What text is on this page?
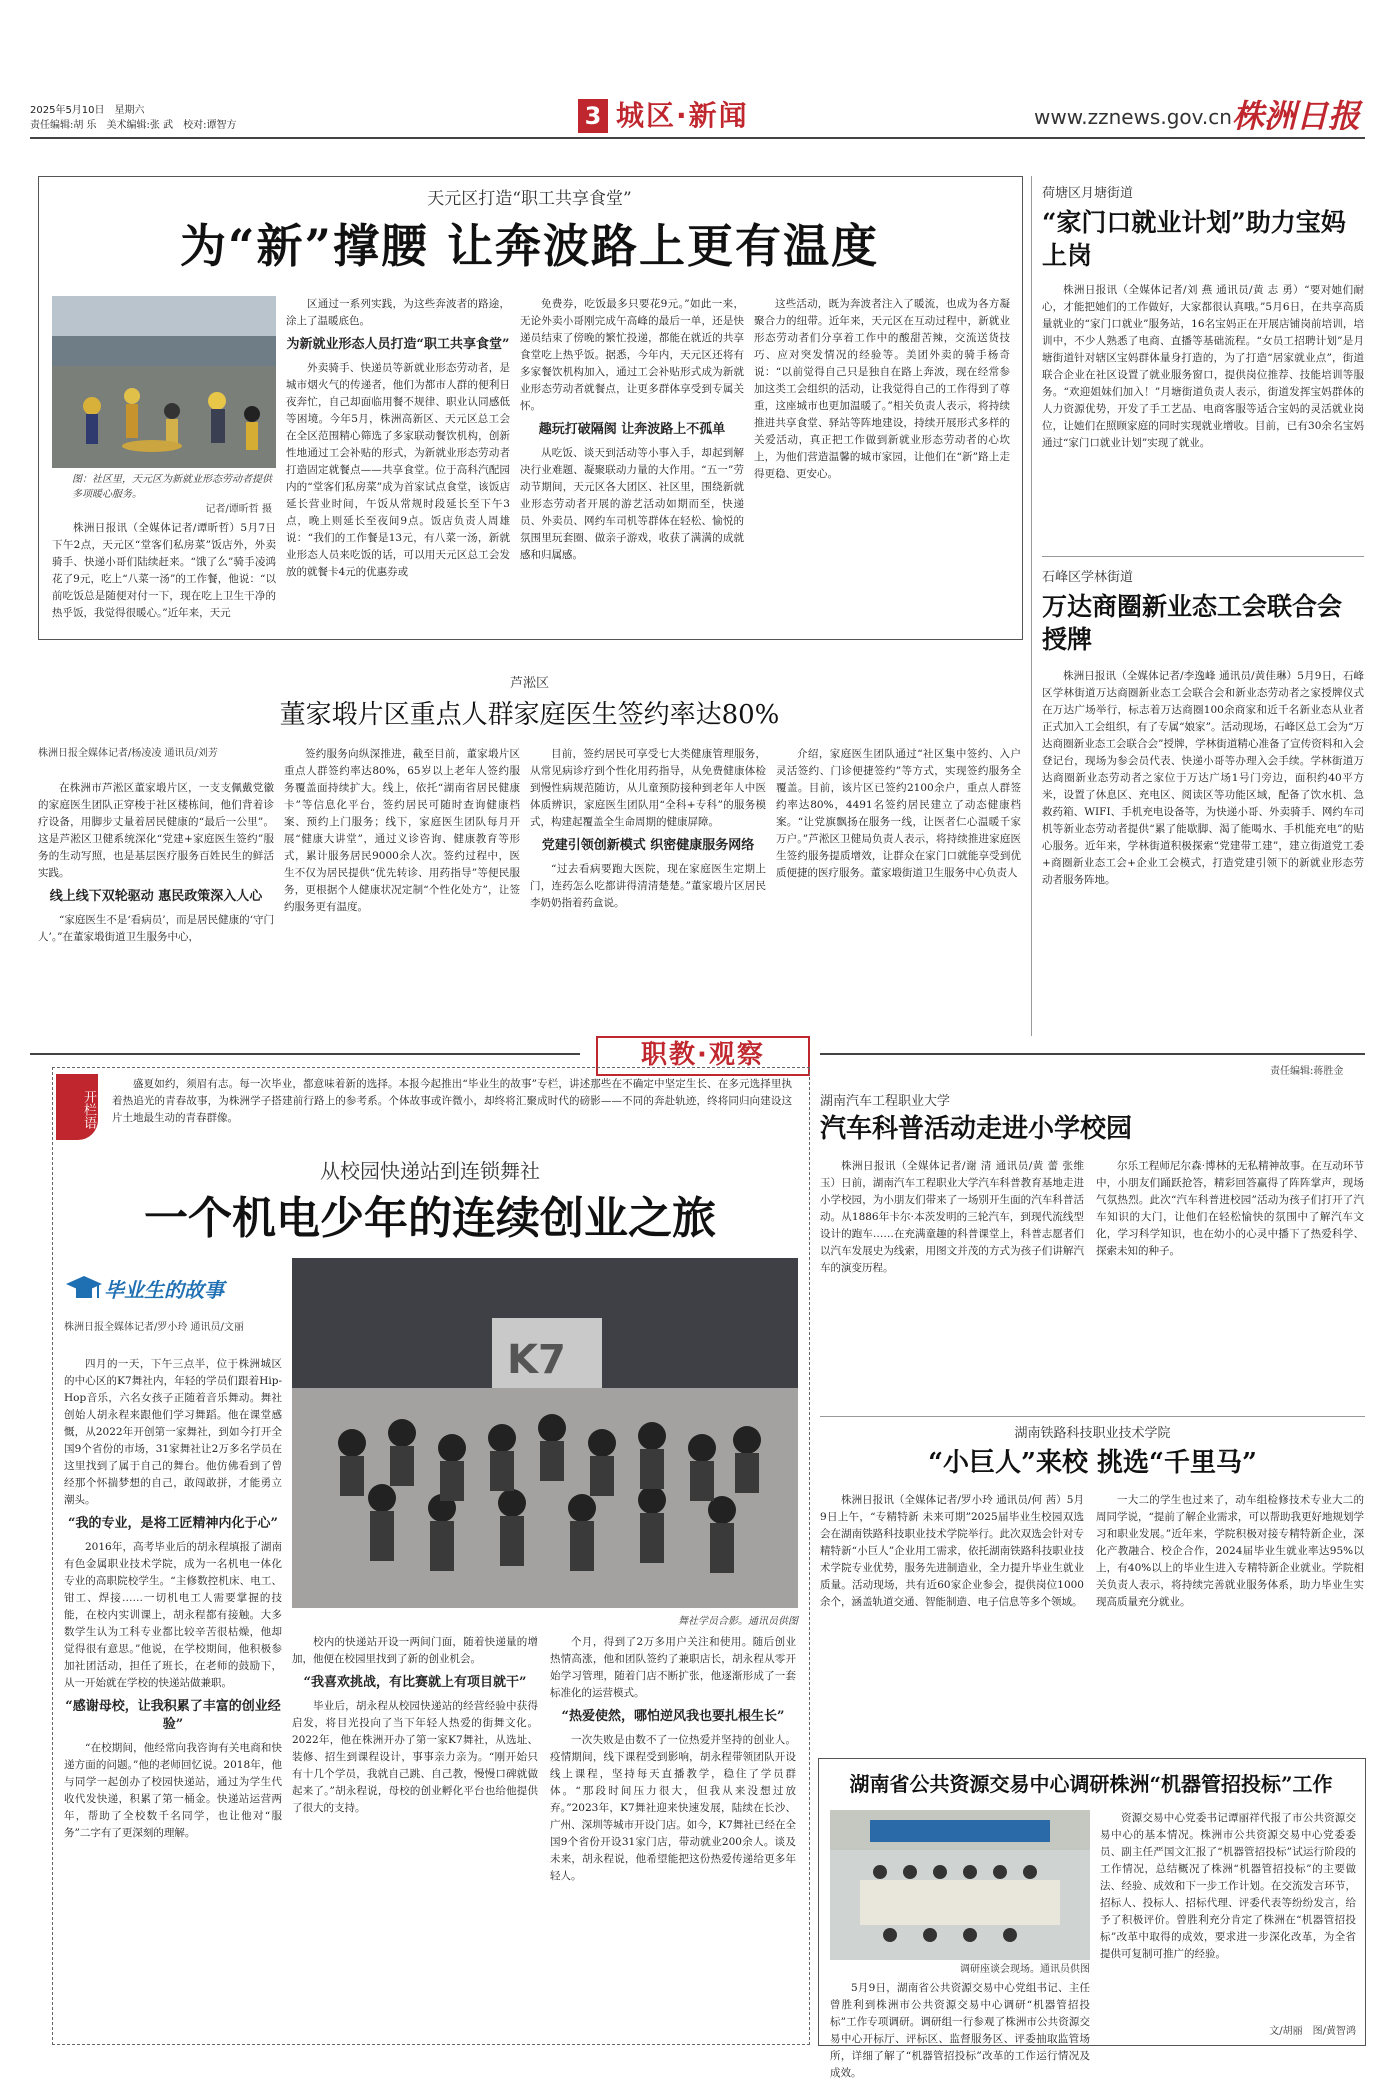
2025年5月10日　星期六
责任编辑:胡 乐　美术编辑:张 武　校对:谭智方	3 城区·新闻	www.zznews.gov.cn 株洲日报
天元区打造“职工共享食堂”
为“新”撑腰 让奔波路上更有温度
图：社区里，天元区为新就业形态劳动者提供多项暖心服务。
记者/谭昕哲 摄

株洲日报讯（全媒体记者/谭昕哲）5月7日下午2点，天元区“堂客们私房菜”饭店外，外卖骑手、快递小哥们陆续赶来。“饿了么”骑手凌鸿花了9元，吃上“八菜一汤”的工作餐，他说：“以前吃饭总是随便对付一下，现在吃上卫生干净的热乎饭，我觉得很暖心。”近年来，天元

区通过一系列实践，为这些奔波者的路途，涂上了温暖底色。

为新就业形态人员打造“职工共享食堂”

外卖骑手、快递员等新就业形态劳动者，是城市烟火气的传递者，他们为都市人群的便利日夜奔忙，自己却面临用餐不规律、职业认同感低等困境。今年5月，株洲高新区、天元区总工会在全区范围精心筛选了多家联动餐饮机构，创新性地通过工会补贴的形式，为新就业形态劳动者打造固定就餐点——共享食堂。位于高科汽配园内的“堂客们私房菜”成为首家试点食堂，该饭店延长营业时间，午饭从常规时段延长至下午3点，晚上则延长至夜间9点。饭店负责人周雄说：“我们的工作餐是13元，有八菜一汤，新就业形态人员来吃饭的话，可以用天元区总工会发放的就餐卡4元的优惠券或

免费券，吃饭最多只要花9元。”如此一来，无论外卖小哥刚完成午高峰的最后一单，还是快递员结束了傍晚的繁忙投递，都能在就近的共享食堂吃上热乎饭。据悉，今年内，天元区还将有多家餐饮机构加入，通过工会补贴形式成为新就业形态劳动者就餐点，让更多群体享受到专属关怀。

趣玩打破隔阂 让奔波路上不孤单

从吃饭、谈天到活动等小事入手，却起到解决行业难题、凝聚联动力量的大作用。“五一”劳动节期间，天元区各大团区、社区里，围绕新就业形态劳动者开展的游艺活动如期而至，快递员、外卖员、网约车司机等群体在轻松、愉悦的氛围里玩套圈、做亲子游戏，收获了满满的成就感和归属感。

这些活动，既为奔波者注入了暖流，也成为各方凝聚合力的纽带。近年来，天元区在互动过程中，新就业形态劳动者们分享着工作中的酸甜苦辣，交流送货技巧、应对突发情况的经验等。美团外卖的骑手杨奇说：“以前觉得自己只是独自在路上奔波，现在经常参加这类工会组织的活动，让我觉得自己的工作得到了尊重，这座城市也更加温暖了。”相关负责人表示，将持续推进共享食堂、驿站等阵地建设，持续开展形式多样的关爱活动，真正把工作做到新就业形态劳动者的心坎上，为他们营造温馨的城市家园，让他们在“新”路上走得更稳、更安心。

荷塘区月塘街道
“家门口就业计划”助力宝妈上岗

株洲日报讯（全媒体记者/刘 燕 通讯员/黄 志 勇）“要对她们耐心，才能把她们的工作做好，大家都很认真哦。”5月6日，在共享高质量就业的“家门口就业”服务站，16名宝妈正在开展店铺岗前培训，培训中，不少人熟悉了电商、直播等基础流程。“女员工招聘计划”是月塘街道针对辖区宝妈群体量身打造的，为了打造“居家就业点”，街道联合企业在社区设置了就业服务窗口，提供岗位推荐、技能培训等服务。“欢迎姐妹们加入！”月塘街道负责人表示，街道发挥宝妈群体的人力资源优势，开发了手工艺品、电商客服等适合宝妈的灵活就业岗位，让她们在照顾家庭的同时实现就业增收。目前，已有30余名宝妈通过“家门口就业计划”实现了就业。

石峰区学林街道
万达商圈新业态工会联合会授牌

株洲日报讯（全媒体记者/李逸峰 通讯员/黄佳琳）5月9日，石峰区学林街道万达商圈新业态工会联合会和新业态劳动者之家授牌仪式在万达广场举行，标志着万达商圈100余商家和近千名新业态从业者正式加入工会组织，有了专属“娘家”。活动现场，石峰区总工会为“万达商圈新业态工会联合会”授牌，学林街道精心准备了宣传资料和入会登记台，现场为参会员代表、快递小哥等办理入会手续。学林街道万达商圈新业态劳动者之家位于万达广场1号门旁边，面积约40平方米，设置了休息区、充电区、阅读区等功能区域，配备了饮水机、急救药箱、WIFI、手机充电设备等，为快递小哥、外卖骑手、网约车司机等新业态劳动者提供“累了能歇脚、渴了能喝水、手机能充电”的贴心服务。近年来，学林街道积极探索“党建带工建”，建立街道党工委+商圈新业态工会+企业工会模式，打造党建引领下的新就业形态劳动者服务阵地。

芦淞区
董家塅片区重点人群家庭医生签约率达80%
株洲日报全媒体记者/杨凌凌 通讯员/刘芳

在株洲市芦淞区董家塅片区，一支支佩戴党徽的家庭医生团队正穿梭于社区楼栋间，他们背着诊疗设备，用脚步丈量着居民健康的“最后一公里”。这是芦淞区卫健系统深化“党建+家庭医生签约”服务的生动写照，也是基层医疗服务百姓民生的鲜活实践。

线上线下双轮驱动 惠民政策深入人心

“家庭医生不是‘看病员’，而是居民健康的‘守门人’。”在董家塅街道卫生服务中心，

签约服务向纵深推进，截至目前，董家塅片区重点人群签约率达80%，65岁以上老年人签约服务覆盖面持续扩大。线上，依托“湖南省居民健康卡”等信息化平台，签约居民可随时查询健康档案、预约上门服务；线下，家庭医生团队每月开展“健康大讲堂”，通过义诊咨询、健康教育等形式，累计服务居民9000余人次。签约过程中，医生不仅为居民提供“优先转诊、用药指导”等便民服务，更根据个人健康状况定制“个性化处方”，让签约服务更有温度。

目前，签约居民可享受七大类健康管理服务，从常见病诊疗到个性化用药指导，从免费健康体检到慢性病规范随访，从儿童预防接种到老年人中医体质辨识，家庭医生团队用“全科+专科”的服务模式，构建起覆盖全生命周期的健康屏障。

党建引领创新模式 织密健康服务网络

“过去看病要跑大医院，现在家庭医生定期上门，连药怎么吃都讲得清清楚楚。”董家塅片区居民李奶奶指着药盒说。

介绍，家庭医生团队通过“社区集中签约、入户灵活签约、门诊便捷签约”等方式，实现签约服务全覆盖。目前，该片区已签约2100余户，重点人群签约率达80%，4491名签约居民建立了动态健康档案。“让党旗飘扬在服务一线，让医者仁心温暖千家万户。”芦淞区卫健局负责人表示，将持续推进家庭医生签约服务提质增效，让群众在家门口就能享受到优质便捷的医疗服务。董家塅街道卫生服务中心负责人

职教·观察
责任编辑:蒋胜金
开栏语

盛夏如约，须眉有志。每一次毕业，都意味着新的选择。本报今起推出“毕业生的故事”专栏，讲述那些在不确定中坚定生长、在多元选择里执着热追光的青春故事，为株洲学子搭建前行路上的参考系。个体故事或许微小，却终将汇聚成时代的磅影——不同的奔赴轨迹，终将同归向建设这片土地最生动的青春群像。

从校园快递站到连锁舞社
一个机电少年的连续创业之旅
毕业生的故事
K7
舞社学员合影。通讯员供图
株洲日报全媒体记者/罗小玲 通讯员/文丽

四月的一天，下午三点半，位于株洲城区的中心区的K7舞社内，年轻的学员们跟着Hip-Hop音乐，六名女孩子正随着音乐舞动。舞社创始人胡永程来跟他们学习舞蹈。他在课堂感慨，从2022年开创第一家舞社，到如今打开全国9个省份的市场，31家舞社让2万多名学员在这里找到了属于自己的舞台。他仿佛看到了曾经那个怀揣梦想的自己，敢闯敢拼，才能勇立潮头。

“我的专业，是将工匠精神内化于心”

2016年，高考毕业后的胡永程填报了湖南有色金属职业技术学院，成为一名机电一体化专业的高职院校学生。“主修数控机床、电工、钳工、焊接……一切机电工人需要掌握的技能，在校内实训课上，胡永程都有接触。大多数学生认为工科专业都比较辛苦很枯燥，他却觉得很有意思。”他说，在学校期间，他积极参加社团活动，担任了班长，在老师的鼓励下，从一开始就在学校的快递站做兼职。

“感谢母校，让我积累了丰富的创业经验”

“在校期间，他经常向我咨询有关电商和快递方面的问题。”他的老师回忆说。2018年，他与同学一起创办了校园快递站，通过为学生代收代发快递，积累了第一桶金。快递站运营两年，帮助了全校数千名同学，也让他对“服务”二字有了更深刻的理解。

校内的快递站开设一两间门面，随着快递量的增加，他便在校园里找到了新的创业机会。

“我喜欢挑战，有比赛就上有项目就干”

毕业后，胡永程从校园快递站的经营经验中获得启发，将目光投向了当下年轻人热爱的街舞文化。2022年，他在株洲开办了第一家K7舞社，从选址、装修、招生到课程设计，事事亲力亲为。“刚开始只有十几个学员，我就自己跳、自己教，慢慢口碑就做起来了。”胡永程说，母校的创业孵化平台也给他提供了很大的支持。

个月，得到了2万多用户关注和使用。随后创业热情高涨，他和团队签约了兼职店长，胡永程从零开始学习管理，随着门店不断扩张，他逐渐形成了一套标准化的运营模式。

“热爱使然，哪怕逆风我也要扎根生长”

一次失败是由数不了一位热爱并坚持的创业人。疫情期间，线下课程受到影响，胡永程带领团队开设线上课程，坚持每天直播教学，稳住了学员群体。“那段时间压力很大，但我从来没想过放弃。”2023年，K7舞社迎来快速发展，陆续在长沙、广州、深圳等城市开设门店。如今，K7舞社已经在全国9个省份开设31家门店，带动就业200余人。谈及未来，胡永程说，他希望能把这份热爱传递给更多年轻人。

湖南汽车工程职业大学
汽车科普活动走进小学校园

株洲日报讯（全媒体记者/谢 清 通讯员/黄 蕾 张维玉）日前，湖南汽车工程职业大学汽车科普教育基地走进小学校园，为小朋友们带来了一场别开生面的汽车科普活动。从1886年卡尔·本茨发明的三轮汽车，到现代流线型设计的跑车……在充满童趣的科普课堂上，科普志愿者们以汽车发展史为线索，用图文并茂的方式为孩子们讲解汽车的演变历程。

尔乐工程师尼尔森·博林的无私精神故事。在互动环节中，小朋友们踊跃抢答，精彩回答赢得了阵阵掌声，现场气氛热烈。此次“汽车科普进校园”活动为孩子们打开了汽车知识的大门，让他们在轻松愉快的氛围中了解汽车文化，学习科学知识，也在幼小的心灵中播下了热爱科学、探索未知的种子。

湖南铁路科技职业技术学院
“小巨人”来校 挑选“千里马”

株洲日报讯（全媒体记者/罗小玲 通讯员/何 茜）5月9日上午，“专精特新 未来可期”2025届毕业生校园双选会在湖南铁路科技职业技术学院举行。此次双选会针对专精特新“小巨人”企业用工需求，依托湖南铁路科技职业技术学院专业优势，服务先进制造业，全力提升毕业生就业质量。活动现场，共有近60家企业参会，提供岗位1000余个，涵盖轨道交通、智能制造、电子信息等多个领域。

一大二的学生也过来了，动车组检修技术专业大二的周同学说，“提前了解企业需求，可以帮助我更好地规划学习和职业发展。”近年来，学院积极对接专精特新企业，深化产教融合、校企合作，2024届毕业生就业率达95%以上，有40%以上的毕业生进入专精特新企业就业。学院相关负责人表示，将持续完善就业服务体系，助力毕业生实现高质量充分就业。

湖南省公共资源交易中心调研株洲“机器管招投标”工作
调研座谈会现场。通讯员供图

5月9日，湖南省公共资源交易中心党组书记、主任曾胜利到株洲市公共资源交易中心调研“机器管招投标”工作专项调研。调研组一行参观了株洲市公共资源交易中心开标厅、评标区、监督服务区、评委抽取监管场所，详细了解了“机器管招投标”改革的工作运行情况及成效。

资源交易中心党委书记谭丽祥代报了市公共资源交易中心的基本情况。株洲市公共资源交易中心党委委员、副主任严国文汇报了“机器管招投标”试运行阶段的工作情况，总结概况了株洲“机器管招投标”的主要做法、经验、成效和下一步工作计划。在交流发言环节，招标人、投标人、招标代理、评委代表等纷纷发言，给予了积极评价。曾胜利充分肯定了株洲在“机器管招投标”改革中取得的成效，要求进一步深化改革，为全省提供可复制可推广的经验。

文/胡丽　图/黄智鸿
